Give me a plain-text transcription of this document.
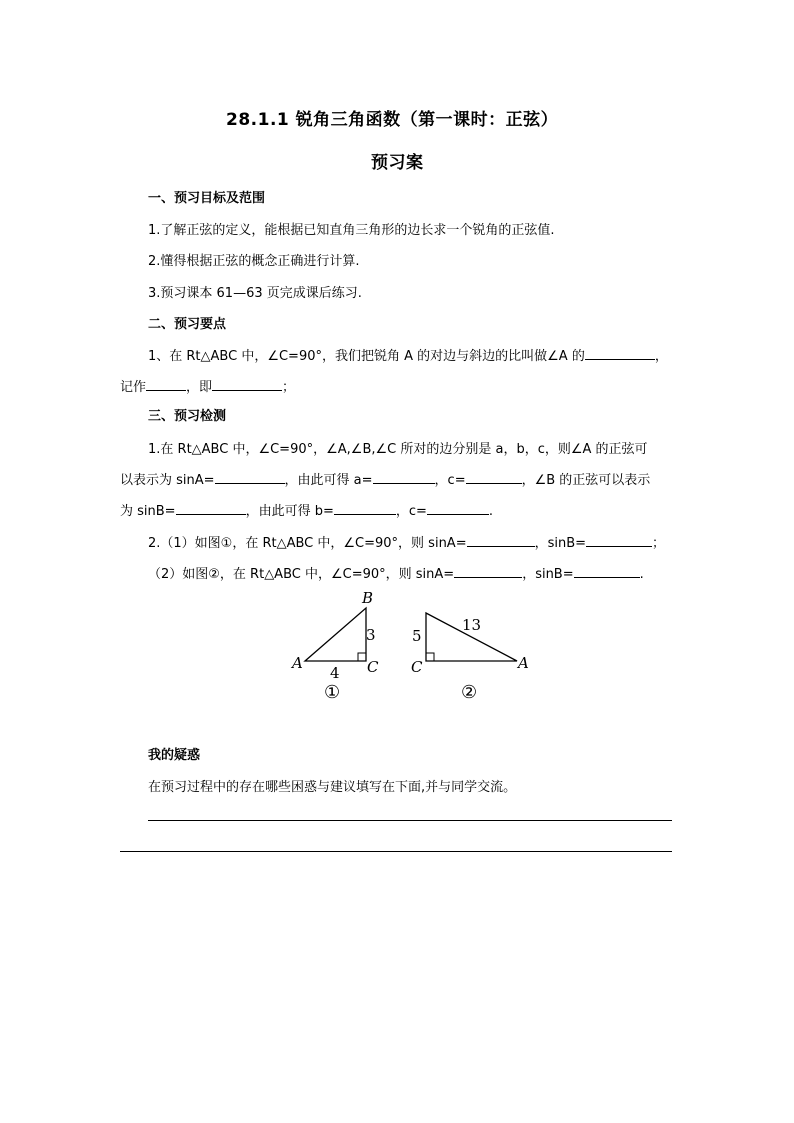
28.1.1 锐角三角函数（第一课时：正弦）
预习案
一、预习目标及范围
1.了解正弦的定义，能根据已知直角三角形的边长求一个锐角的正弦值.
2.懂得根据正弦的概念正确进行计算.
3.预习课本 61—63 页完成课后练习.
二、预习要点
1、在 Rt△ABC 中，∠C=90°，我们把锐角 A 的对边与斜边的比叫做∠A 的	，
记作	，即	；
三、预习检测
1.在 Rt△ABC 中，∠C=90°，∠A,∠B,∠C 所对的边分别是 a，b，c，则∠A 的正弦可
以表示为 sinA=	，由此可得 a=	，c=	，∠B 的正弦可以表示
为 sinB=	，由此可得 b=	，c=	.
2.（1）如图①，在 Rt△ABC 中，∠C=90°，则 sinA=	，sinB=	；
（2）如图②，在 Rt△ABC 中，∠C=90°，则 sinA=	，sinB=	.
B
3
A
4 C
①
5
13
C	A
②
我的疑惑
在预习过程中的存在哪些困惑与建议填写在下面,并与同学交流。
